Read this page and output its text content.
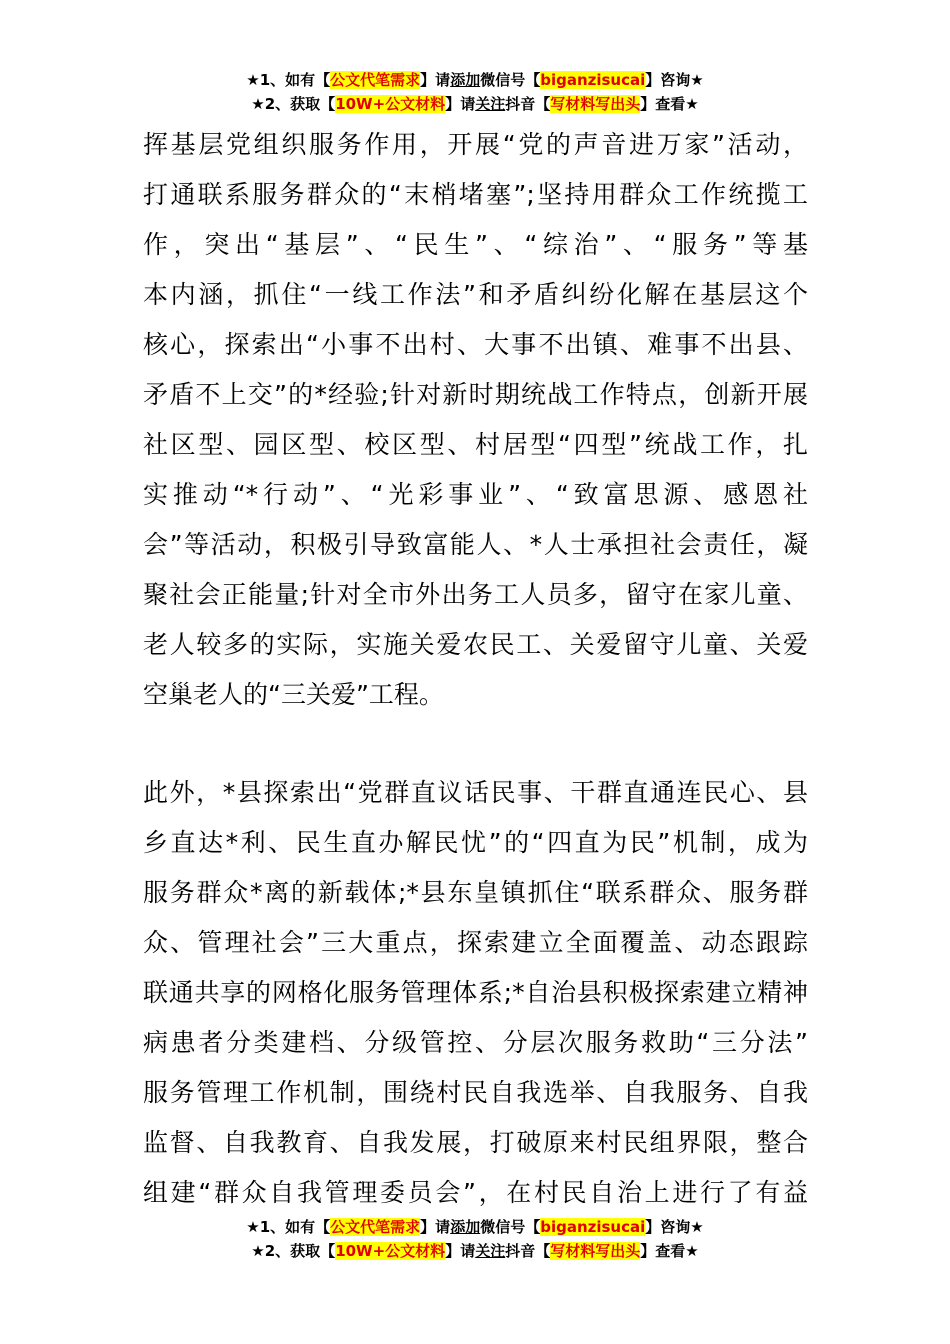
★1、如有【公文代笔需求】请添加微信号【biganzisucai】咨询★
★2、获取【10W+公文材料】请关注抖音【写材料写出头】查看★
挥基层党组织服务作用，开展“党的声音进万家”活动，
打通联系服务群众的“末梢堵塞”;坚持用群众工作统揽工
作，突出“基层”、“民生”、“综治”、“服务”等基
本内涵，抓住“一线工作法”和矛盾纠纷化解在基层这个
核心，探索出“小事不出村、大事不出镇、难事不出县、
矛盾不上交”的*经验;针对新时期统战工作特点，创新开展
社区型、园区型、校区型、村居型“四型”统战工作，扎
实推动“*行动”、“光彩事业”、“致富思源、感恩社
会”等活动，积极引导致富能人、*人士承担社会责任，凝
聚社会正能量;针对全市外出务工人员多，留守在家儿童、
老人较多的实际，实施关爱农民工、关爱留守儿童、关爱
空巢老人的“三关爱”工程。
此外，*县探索出“党群直议话民事、干群直通连民心、县
乡直达*利、民生直办解民忧”的“四直为民”机制，成为
服务群众*离的新载体;*县东皇镇抓住“联系群众、服务群
众、管理社会”三大重点，探索建立全面覆盖、动态跟踪
联通共享的网格化服务管理体系;*自治县积极探索建立精神
病患者分类建档、分级管控、分层次服务救助“三分法”
服务管理工作机制，围绕村民自我选举、自我服务、自我
监督、自我教育、自我发展，打破原来村民组界限，整合
组建“群众自我管理委员会”，在村民自治上进行了有益
★1、如有【公文代笔需求】请添加微信号【biganzisucai】咨询★
★2、获取【10W+公文材料】请关注抖音【写材料写出头】查看★
